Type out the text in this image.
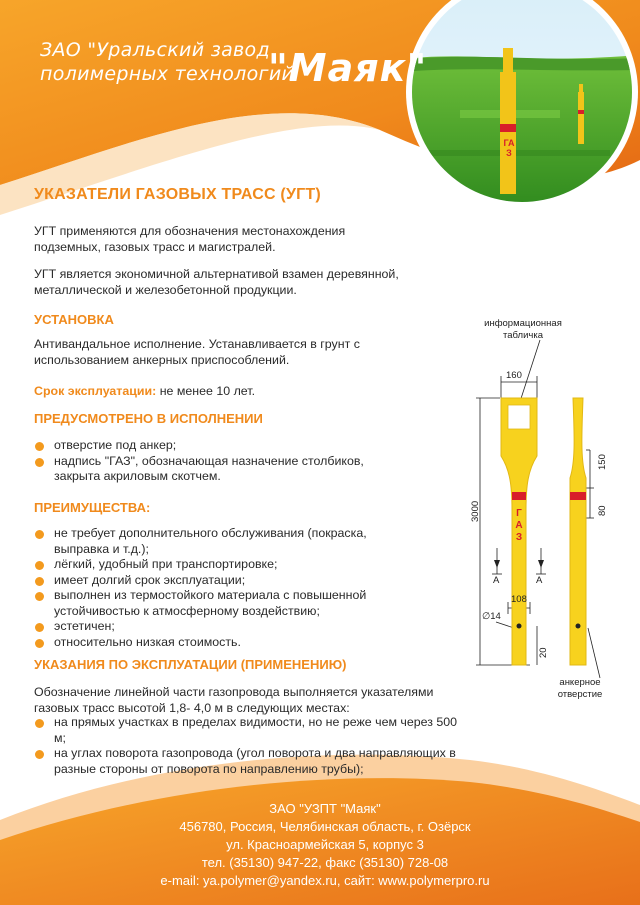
ГАЗ
ЗАО "Уральский завод
полимерных технологий
"Маяк"
УКАЗАТЕЛИ ГАЗОВЫХ ТРАСС (УГТ)
УГТ применяются для обозначения местонахождения подземных, газовых трасс и магистралей.
УГТ является экономичной альтернативой взамен деревянной, металлической и железобетонной продукции.
УСТАНОВКА
Антивандальное исполнение. Устанавливается в грунт с использованием анкерных приспособлений.
Срок эксплуатации: не менее 10 лет.
ПРЕДУСМОТРЕНО В ИСПОЛНЕНИИ
отверстие под анкер;
надпись "ГАЗ", обозначающая назначение столбиков, закрыта акриловым скотчем.
ПРЕИМУЩЕСТВА:
не требует дополнительного обслуживания (покраска, выправка и т.д.);
лёгкий, удобный при транспортировке;
имеет долгий срок эксплуатации;
выполнен из термостойкого материала с повышенной устойчивостью к атмосферному воздействию;
эстетичен;
относительно низкая стоимость.
УКАЗАНИЯ ПО ЭКСПЛУАТАЦИИ (ПРИМЕНЕНИЮ)
Обозначение линейной части газопровода выполняется указателями газовых трасс высотой 1,8- 4,0 м в следующих местах:
на прямых участках в пределах видимости, но не реже чем через 500 м;
на углах поворота газопровода (угол поворота и два направляющих в разные стороны от поворота по направлению трубы);
Г
А
З
информационная
табличка
160
3000
150
80
А	А
108
∅14
20
анкерное
отверстие
ЗАО "УЗПТ "Маяк"
456780, Россия, Челябинская область, г. Озёрск
ул. Красноармейская 5, корпус 3
тел. (35130) 947-22, факс (35130) 728-08
e-mail: ya.polymer@yandex.ru, сайт: www.polymerpro.ru
